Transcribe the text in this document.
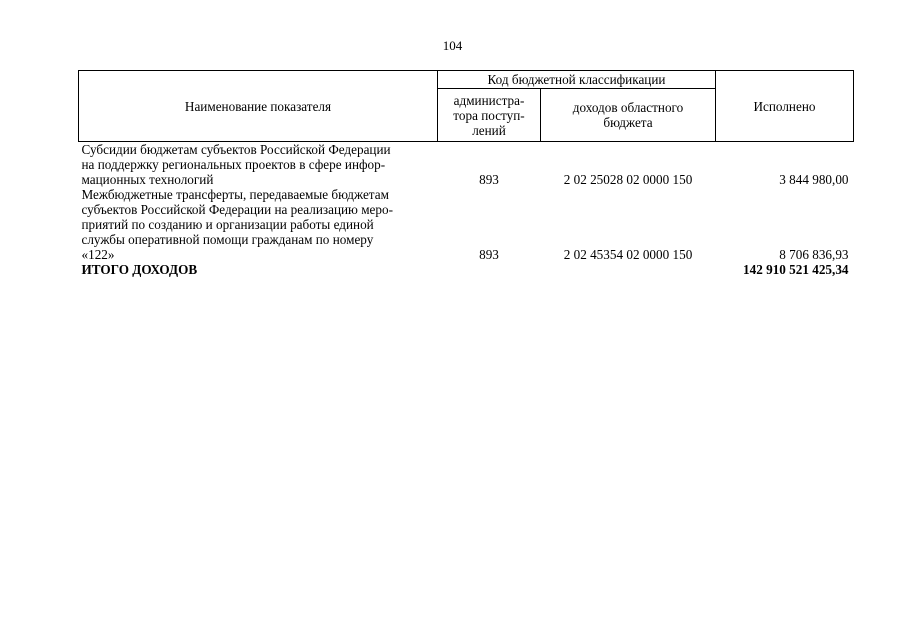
104
Наименование показателя	Код бюджетной классификации		Исполнено
	администра-
тора поступ-
лений	доходов областного
бюджета	

Субсидии бюджетам субъектов Российской Федерации
на поддержку региональных проектов в сфере инфор-
мационных технологий	893	2 02 25028 02 0000 150	3 844 980,00

Межбюджетные трансферты, передаваемые бюджетам
субъектов Российской Федерации на реализацию меро-
приятий по созданию и организации работы единой
службы оперативной помощи гражданам по номеру
«122»	893	2 02 45354 02 0000 150	8 706 836,93
ИТОГО ДОХОДОВ			142 910 521 425,34
